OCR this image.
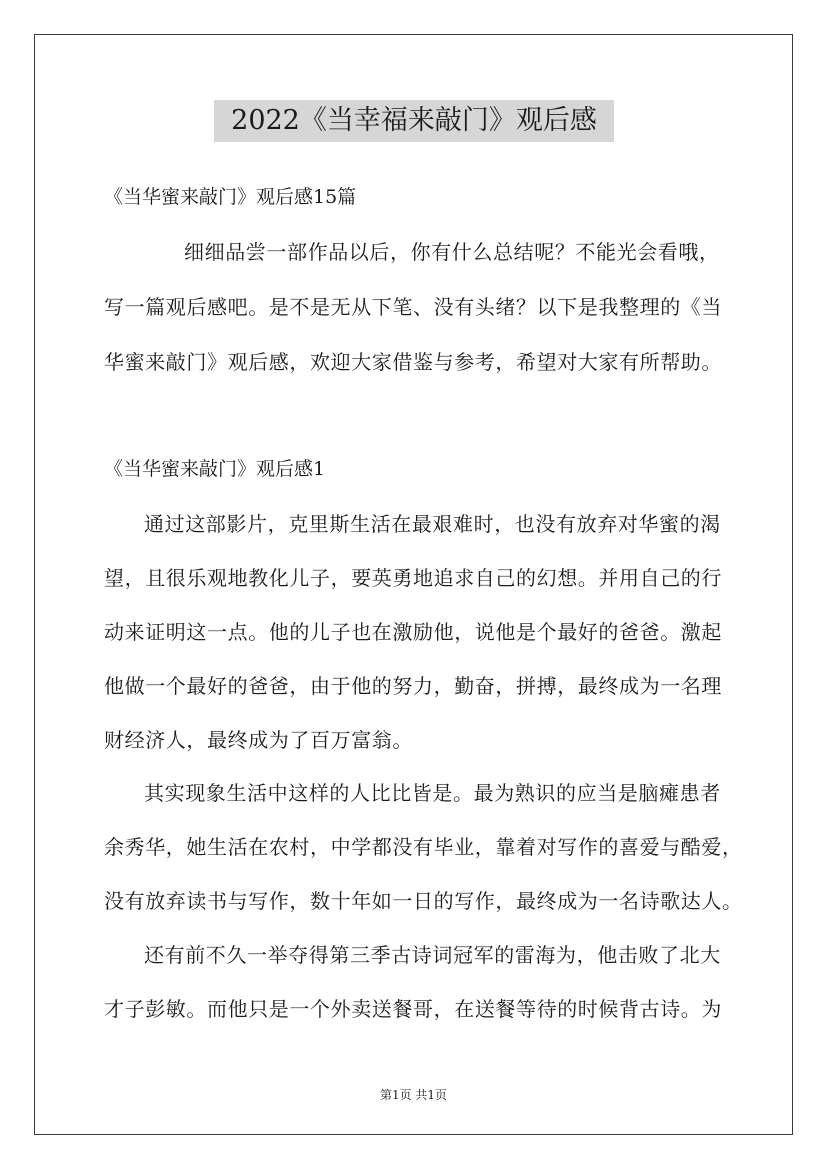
2022《当幸福来敲门》观后感
《当华蜜来敲门》观后感15篇
细细品尝一部作品以后，你有什么总结呢？不能光会看哦，
写一篇观后感吧。是不是无从下笔、没有头绪？以下是我整理的《当
华蜜来敲门》观后感，欢迎大家借鉴与参考，希望对大家有所帮助。
《当华蜜来敲门》观后感1
通过这部影片，克里斯生活在最艰难时，也没有放弃对华蜜的渴
望，且很乐观地教化儿子，要英勇地追求自己的幻想。并用自己的行
动来证明这一点。他的儿子也在激励他，说他是个最好的爸爸。激起
他做一个最好的爸爸，由于他的努力，勤奋，拼搏，最终成为一名理
财经济人，最终成为了百万富翁。
其实现象生活中这样的人比比皆是。最为熟识的应当是脑瘫患者
余秀华，她生活在农村，中学都没有毕业，靠着对写作的喜爱与酷爱，
没有放弃读书与写作，数十年如一日的写作，最终成为一名诗歌达人。
还有前不久一举夺得第三季古诗词冠军的雷海为，他击败了北大
才子彭敏。而他只是一个外卖送餐哥，在送餐等待的时候背古诗。为
第1页 共1页
